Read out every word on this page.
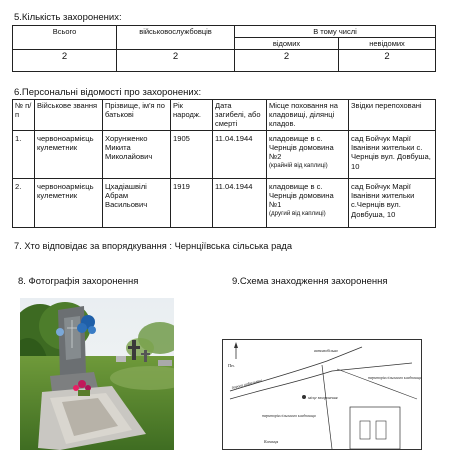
5.Кількість захоронених:
Всього	військовослужбовців	В тому числі	
		відомих	невідомих
2	2	2	2
6.Персональні відомості про захоронених:
№ п/п	Військове звання	Прізвище, ім'я по батькові	Рік народж.	Дата загибелі, або смерті	Місце поховання на кладовищі, ділянці кладов.	Звідки перепоховані
1.	червоноармієць кулеметник	Хорунженко Микита Миколайович	1905	11.04.1944	кладовище в с. Чернців домовина №2
(крайній від каплиці)	сад Бойчук Марії Іванівни жительки с. Чернців вул. Довбуша, 10
2.	червоноармієць кулеметник	Цхадіашвілі Абрам Васильович	1919	11.04.1944	кладовище в с. Чернців домовина №1
(другий від каплиці)	сад Бойчук Марії Іванівни жительки с.Чернців вул. Довбуша, 10
7. Хто відповідає за впорядкування : Чернціївська сільська рада
8. Фотографія захоронення	9.Схема знаходження захоронення
Пн.
автомобільна
дорога асфальтна	територія сільського кладовища
територія сільського кладовища
місце захоронення
Каплиця
